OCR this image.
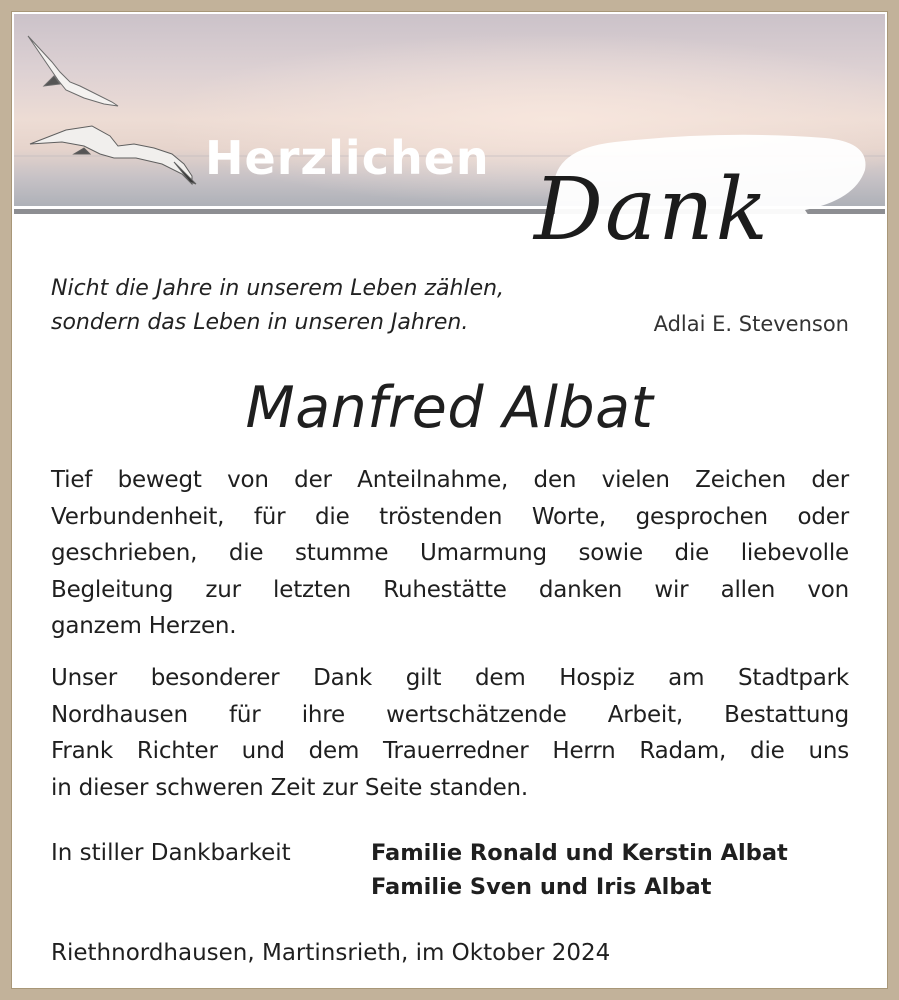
Herzlichen
Dank
Nicht die Jahre in unserem Leben zählen,
sondern das Leben in unseren Jahren.	Adlai E. Stevenson
Manfred Albat
Tief bewegt von der Anteilnahme, den vielen Zeichen der
Verbundenheit, für die tröstenden Worte, gesprochen oder
geschrieben, die stumme Umarmung sowie die liebevolle
Begleitung zur letzten Ruhestätte danken wir allen von
ganzem Herzen.
Unser besonderer Dank gilt dem Hospiz am Stadtpark
Nordhausen für ihre wertschätzende Arbeit, Bestattung
Frank Richter und dem Trauerredner Herrn Radam, die uns
in dieser schweren Zeit zur Seite standen.
In stiller Dankbarkeit	Familie Ronald und Kerstin Albat
Familie Sven und Iris Albat
Riethnordhausen, Martinsrieth, im Oktober 2024
